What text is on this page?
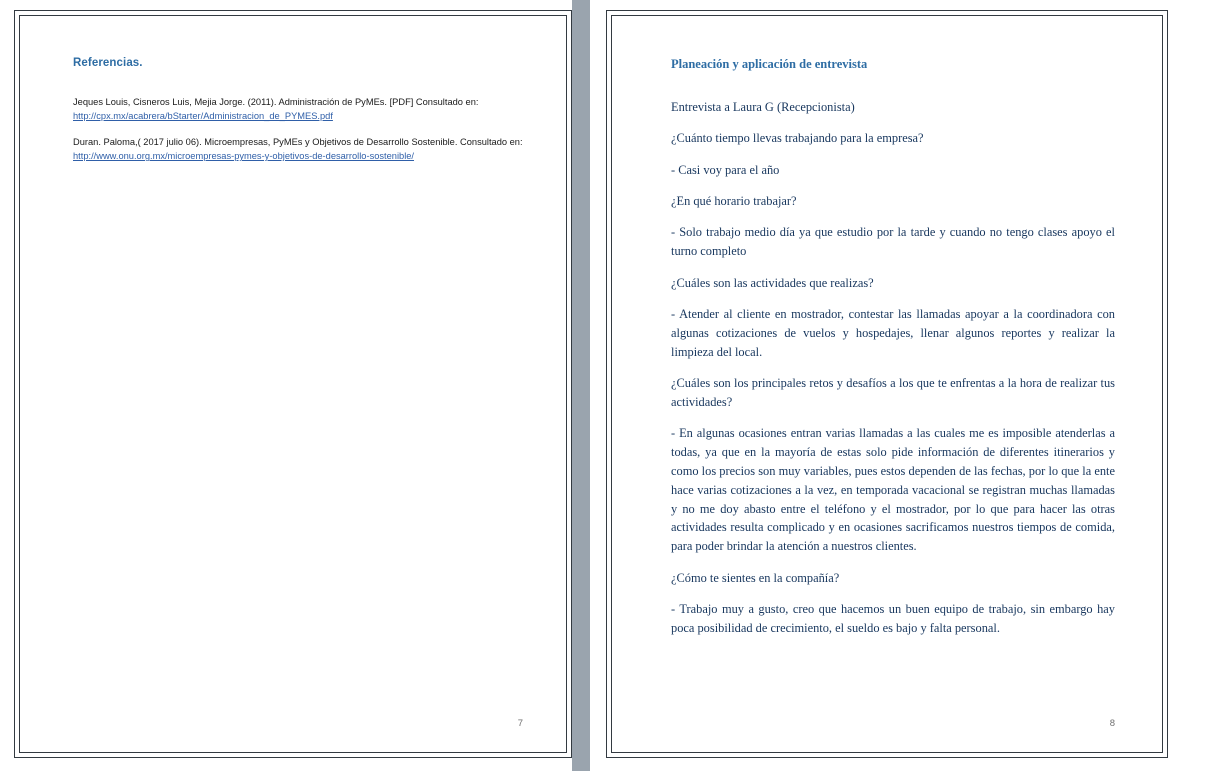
Referencias.

Jeques Louis, Cisneros Luis, Mejia Jorge. (2011). Administración de PyMEs. [PDF] Consultado en:
http://cpx.mx/acabrera/bStarter/Administracion_de_PYMES.pdf

Duran. Paloma,( 2017 julio 06). Microempresas, PyMEs y Objetivos de Desarrollo Sostenible. Consultado en: http://www.onu.org.mx/microempresas-pymes-y-objetivos-de-desarrollo-sostenible/

7
Planeación y aplicación de entrevista

Entrevista a Laura G (Recepcionista)

¿Cuánto tiempo llevas trabajando para la empresa?

- Casi voy para el año

¿En qué horario trabajar?

- Solo trabajo medio día ya que estudio por la tarde y cuando no tengo clases apoyo el turno completo

¿Cuáles son las actividades que realizas?

- Atender al cliente en mostrador, contestar las llamadas apoyar a la coordinadora con algunas cotizaciones de vuelos y hospedajes, llenar algunos reportes y realizar la limpieza del local.

¿Cuáles son los principales retos y desafíos a los que te enfrentas a la hora de realizar tus actividades?

- En algunas ocasiones entran varias llamadas a las cuales me es imposible atenderlas a todas, ya que en la mayoría de estas solo pide información de diferentes itinerarios y como los precios son muy variables, pues estos dependen de las fechas, por lo que la ente hace varias cotizaciones a la vez, en temporada vacacional se registran muchas llamadas y no me doy abasto entre el teléfono y el mostrador, por lo que para hacer las otras actividades resulta complicado y en ocasiones sacrificamos nuestros tiempos de comida, para poder brindar la atención a nuestros clientes.

¿Cómo te sientes en la compañía?

- Trabajo muy a gusto, creo que hacemos un buen equipo de trabajo, sin embargo hay poca posibilidad de crecimiento, el sueldo es bajo y falta personal.

8
